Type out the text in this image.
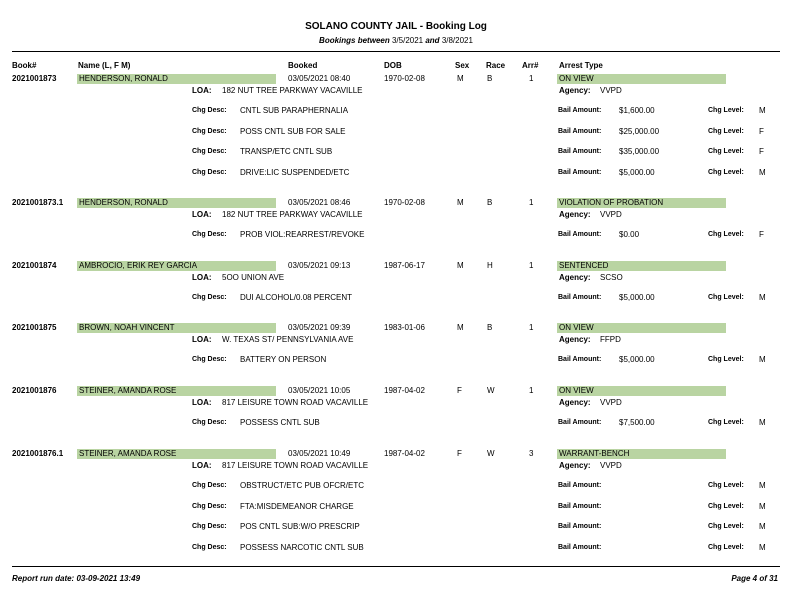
SOLANO COUNTY JAIL - Booking Log
Bookings between 3/5/2021 and 3/8/2021
Book#	Name (L, F M)	Booked	DOB	Sex Race Arr#	Arrest Type
2021001873	HENDERSON, RONALD	03/05/2021 08:40	1970-02-08	M	B	1	ON VIEW
LOA: 182 NUT TREE PARKWAY VACAVILLE	Agency: VVPD
Chg Desc: CNTL SUB PARAPHERNALIA	Bail Amount: $1,600.00	Chg Level: M
Chg Desc: POSS CNTL SUB FOR SALE	Bail Amount: $25,000.00	Chg Level: F
Chg Desc: TRANSP/ETC CNTL SUB	Bail Amount: $35,000.00	Chg Level: F
Chg Desc: DRIVE:LIC SUSPENDED/ETC	Bail Amount: $5,000.00	Chg Level: M
2021001873.1 HENDERSON, RONALD	03/05/2021 08:46	1970-02-08	M	B	1	VIOLATION OF PROBATION
LOA: 182 NUT TREE PARKWAY VACAVILLE	Agency: VVPD
Chg Desc: PROB VIOL:REARREST/REVOKE	Bail Amount: $0.00	Chg Level: F
2021001874	AMBROCIO, ERIK REY GARCIA	03/05/2021 09:13	1987-06-17	M	H	1	SENTENCED
LOA: 5OO UNION AVE	Agency: SCSO
Chg Desc: DUI ALCOHOL/0.08 PERCENT	Bail Amount: $5,000.00	Chg Level: M
2021001875	BROWN, NOAH VINCENT	03/05/2021 09:39	1983-01-06	M	B	1	ON VIEW
LOA: W. TEXAS ST/ PENNSYLVANIA AVE	Agency: FFPD
Chg Desc: BATTERY ON PERSON	Bail Amount: $5,000.00	Chg Level: M
2021001876	STEINER, AMANDA ROSE	03/05/2021 10:05	1987-04-02	F	W	1	ON VIEW
LOA: 817 LEISURE TOWN ROAD VACAVILLE	Agency: VVPD
Chg Desc: POSSESS CNTL SUB	Bail Amount: $7,500.00	Chg Level: M
2021001876.1 STEINER, AMANDA ROSE	03/05/2021 10:49	1987-04-02	F	W	3	WARRANT-BENCH
LOA: 817 LEISURE TOWN ROAD VACAVILLE	Agency: VVPD
Chg Desc: OBSTRUCT/ETC PUB OFCR/ETC	Bail Amount:	Chg Level: M
Chg Desc: FTA:MISDEMEANOR CHARGE	Bail Amount:	Chg Level: M
Chg Desc: POS CNTL SUB:W/O PRESCRIP	Bail Amount:	Chg Level: M
Chg Desc: POSSESS NARCOTIC CNTL SUB	Bail Amount:	Chg Level: M
Report run date: 03-09-2021 13:49	Page 4 of 31
